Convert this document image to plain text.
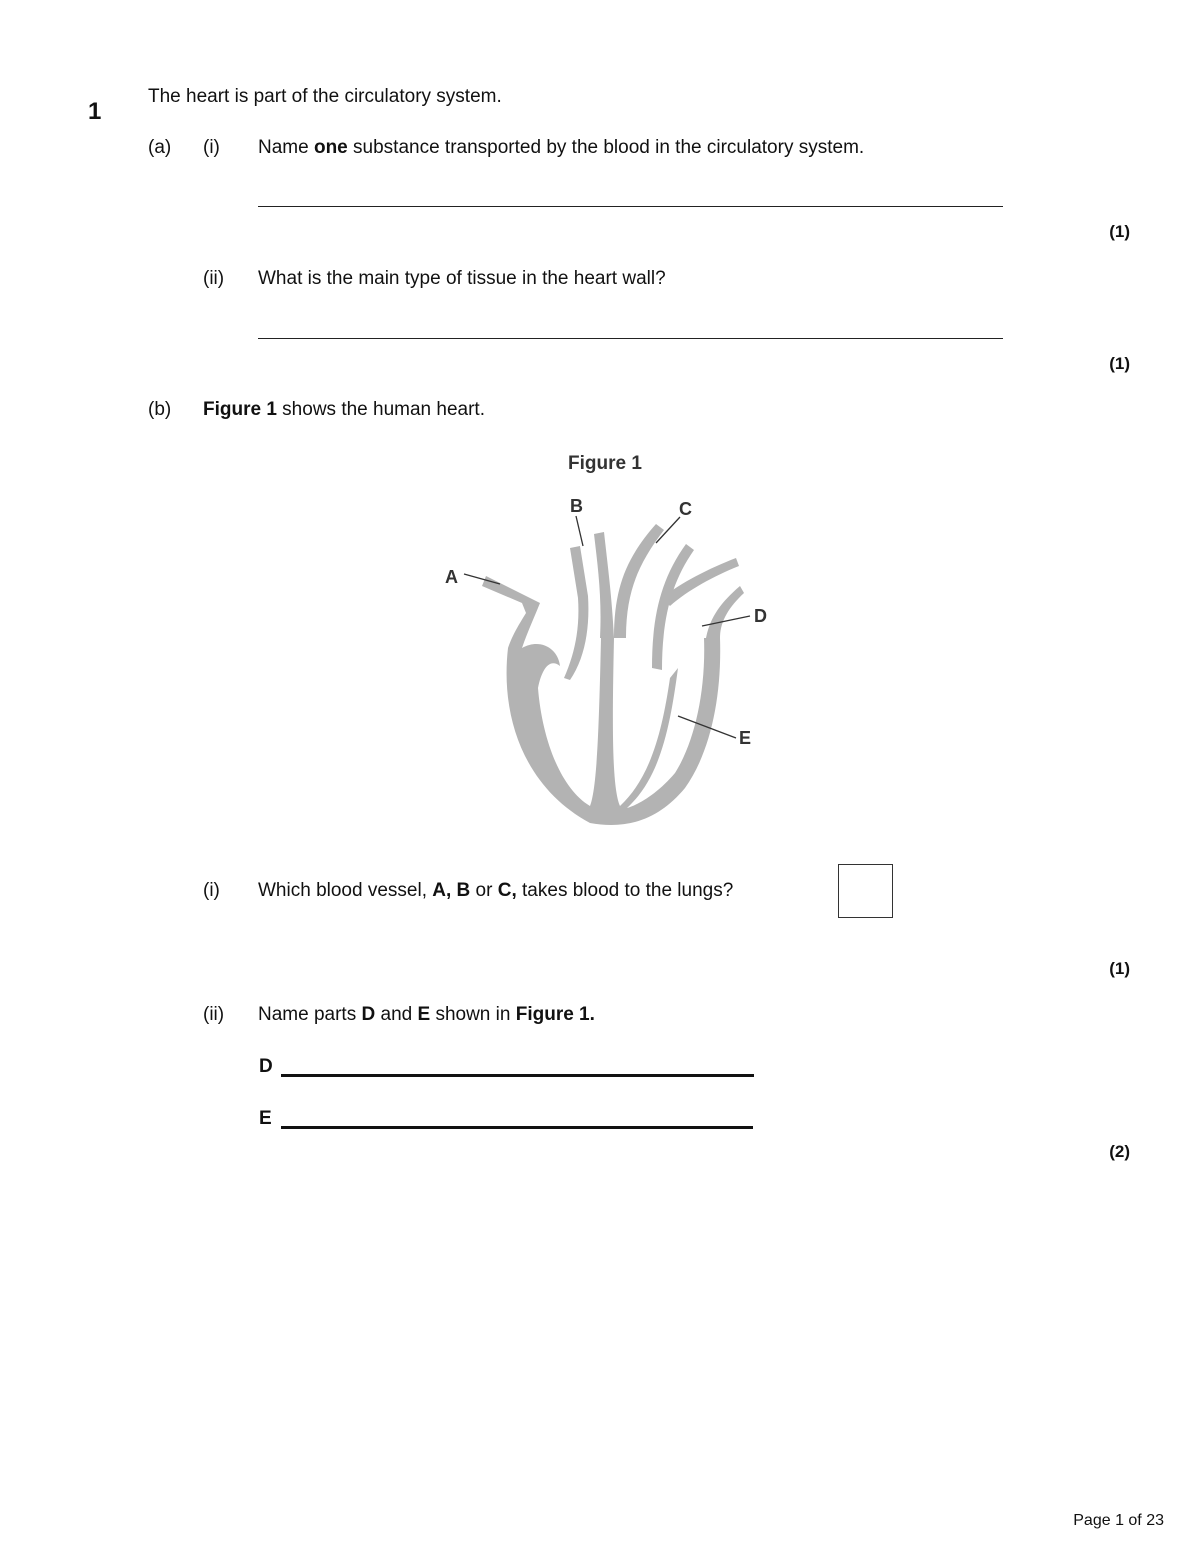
1
The heart is part of the circulatory system.
(a) (i) Name one substance transported by the blood in the circulatory system.
(1)
(ii) What is the main type of tissue in the heart wall?
(1)
(b) Figure 1 shows the human heart.
Figure 1
A
B	C
D
E
(i) Which blood vessel, A, B or C, takes blood to the lungs?
(1)
(ii) Name parts D and E shown in Figure 1.
D
E
(2)
Page 1 of 23
